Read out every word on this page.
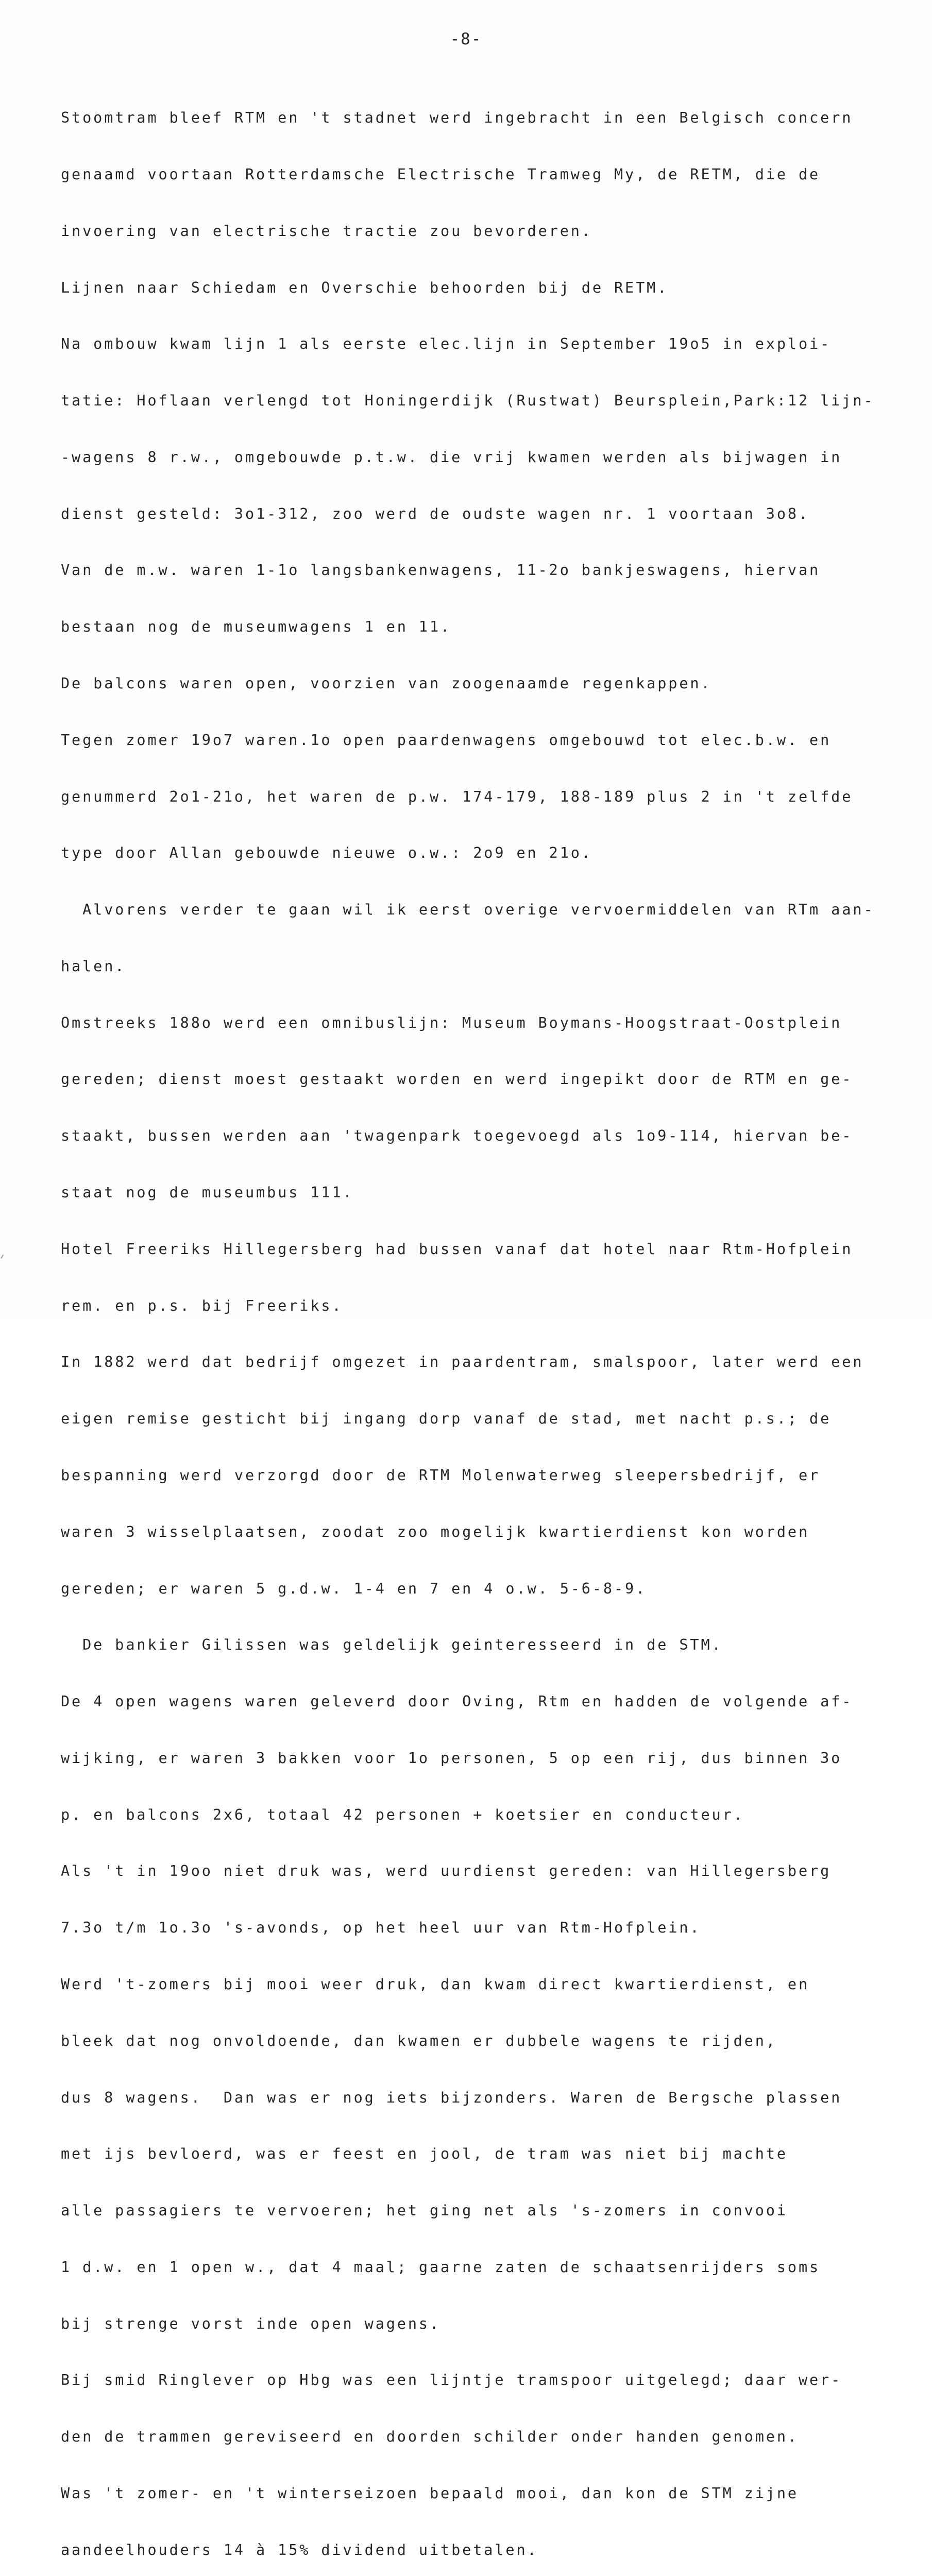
-8-

Stoomtram bleef RTM en 't stadnet werd ingebracht in een Belgisch concern

genaamd voortaan Rotterdamsche Electrische Tramweg My, de RETM, die de

invoering van electrische tractie zou bevorderen.

Lijnen naar Schiedam en Overschie behoorden bij de RETM.

Na ombouw kwam lijn 1 als eerste elec.lijn in September 19o5 in exploi-

tatie: Hoflaan verlengd tot Honingerdijk (Rustwat) Beursplein,Park:12 lijn-

-wagens 8 r.w., omgebouwde p.t.w. die vrij kwamen werden als bijwagen in

dienst gesteld: 3o1-312, zoo werd de oudste wagen nr. 1 voortaan 3o8.

Van de m.w. waren 1-1o langsbankenwagens, 11-2o bankjeswagens, hiervan

bestaan nog de museumwagens 1 en 11.

De balcons waren open, voorzien van zoogenaamde regenkappen.

Tegen zomer 19o7 waren.1o open paardenwagens omgebouwd tot elec.b.w. en

genummerd 2o1-21o, het waren de p.w. 174-179, 188-189 plus 2 in 't zelfde

type door Allan gebouwde nieuwe o.w.: 2o9 en 21o.

Alvorens verder te gaan wil ik eerst overige vervoermiddelen van RTm aan-

halen.

Omstreeks 188o werd een omnibuslijn: Museum Boymans-Hoogstraat-Oostplein

gereden; dienst moest gestaakt worden en werd ingepikt door de RTM en ge-

staakt, bussen werden aan 'twagenpark toegevoegd als 1o9-114, hiervan be-

staat nog de museumbus 111.

Hotel Freeriks Hillegersberg had bussen vanaf dat hotel naar Rtm-Hofplein

rem. en p.s. bij Freeriks.

In 1882 werd dat bedrijf omgezet in paardentram, smalspoor, later werd een

eigen remise gesticht bij ingang dorp vanaf de stad, met nacht p.s.; de

bespanning werd verzorgd door de RTM Molenwaterweg sleepersbedrijf, er

waren 3 wisselplaatsen, zoodat zoo mogelijk kwartierdienst kon worden

gereden; er waren 5 g.d.w. 1-4 en 7 en 4 o.w. 5-6-8-9.

De bankier Gilissen was geldelijk geinteresseerd in de STM.

De 4 open wagens waren geleverd door Oving, Rtm en hadden de volgende af-

wijking, er waren 3 bakken voor 1o personen, 5 op een rij, dus binnen 3o

p. en balcons 2x6, totaal 42 personen + koetsier en conducteur.

Als 't in 19oo niet druk was, werd uurdienst gereden: van Hillegersberg

7.3o t/m 1o.3o 's-avonds, op het heel uur van Rtm-Hofplein.

Werd 't-zomers bij mooi weer druk, dan kwam direct kwartierdienst, en

bleek dat nog onvoldoende, dan kwamen er dubbele wagens te rijden,

dus 8 wagens.  Dan was er nog iets bijzonders. Waren de Bergsche plassen

met ijs bevloerd, was er feest en jool, de tram was niet bij machte

alle passagiers te vervoeren; het ging net als 's-zomers in convooi

1 d.w. en 1 open w., dat 4 maal; gaarne zaten de schaatsenrijders soms

bij strenge vorst inde open wagens.

Bij smid Ringlever op Hbg was een lijntje tramspoor uitgelegd; daar wer-

den de trammen gereviseerd en doorden schilder onder handen genomen.

Was 't zomer- en 't winterseizoen bepaald mooi, dan kon de STM zijne

aandeelhouders 14 à 15% dividend uitbetalen.
